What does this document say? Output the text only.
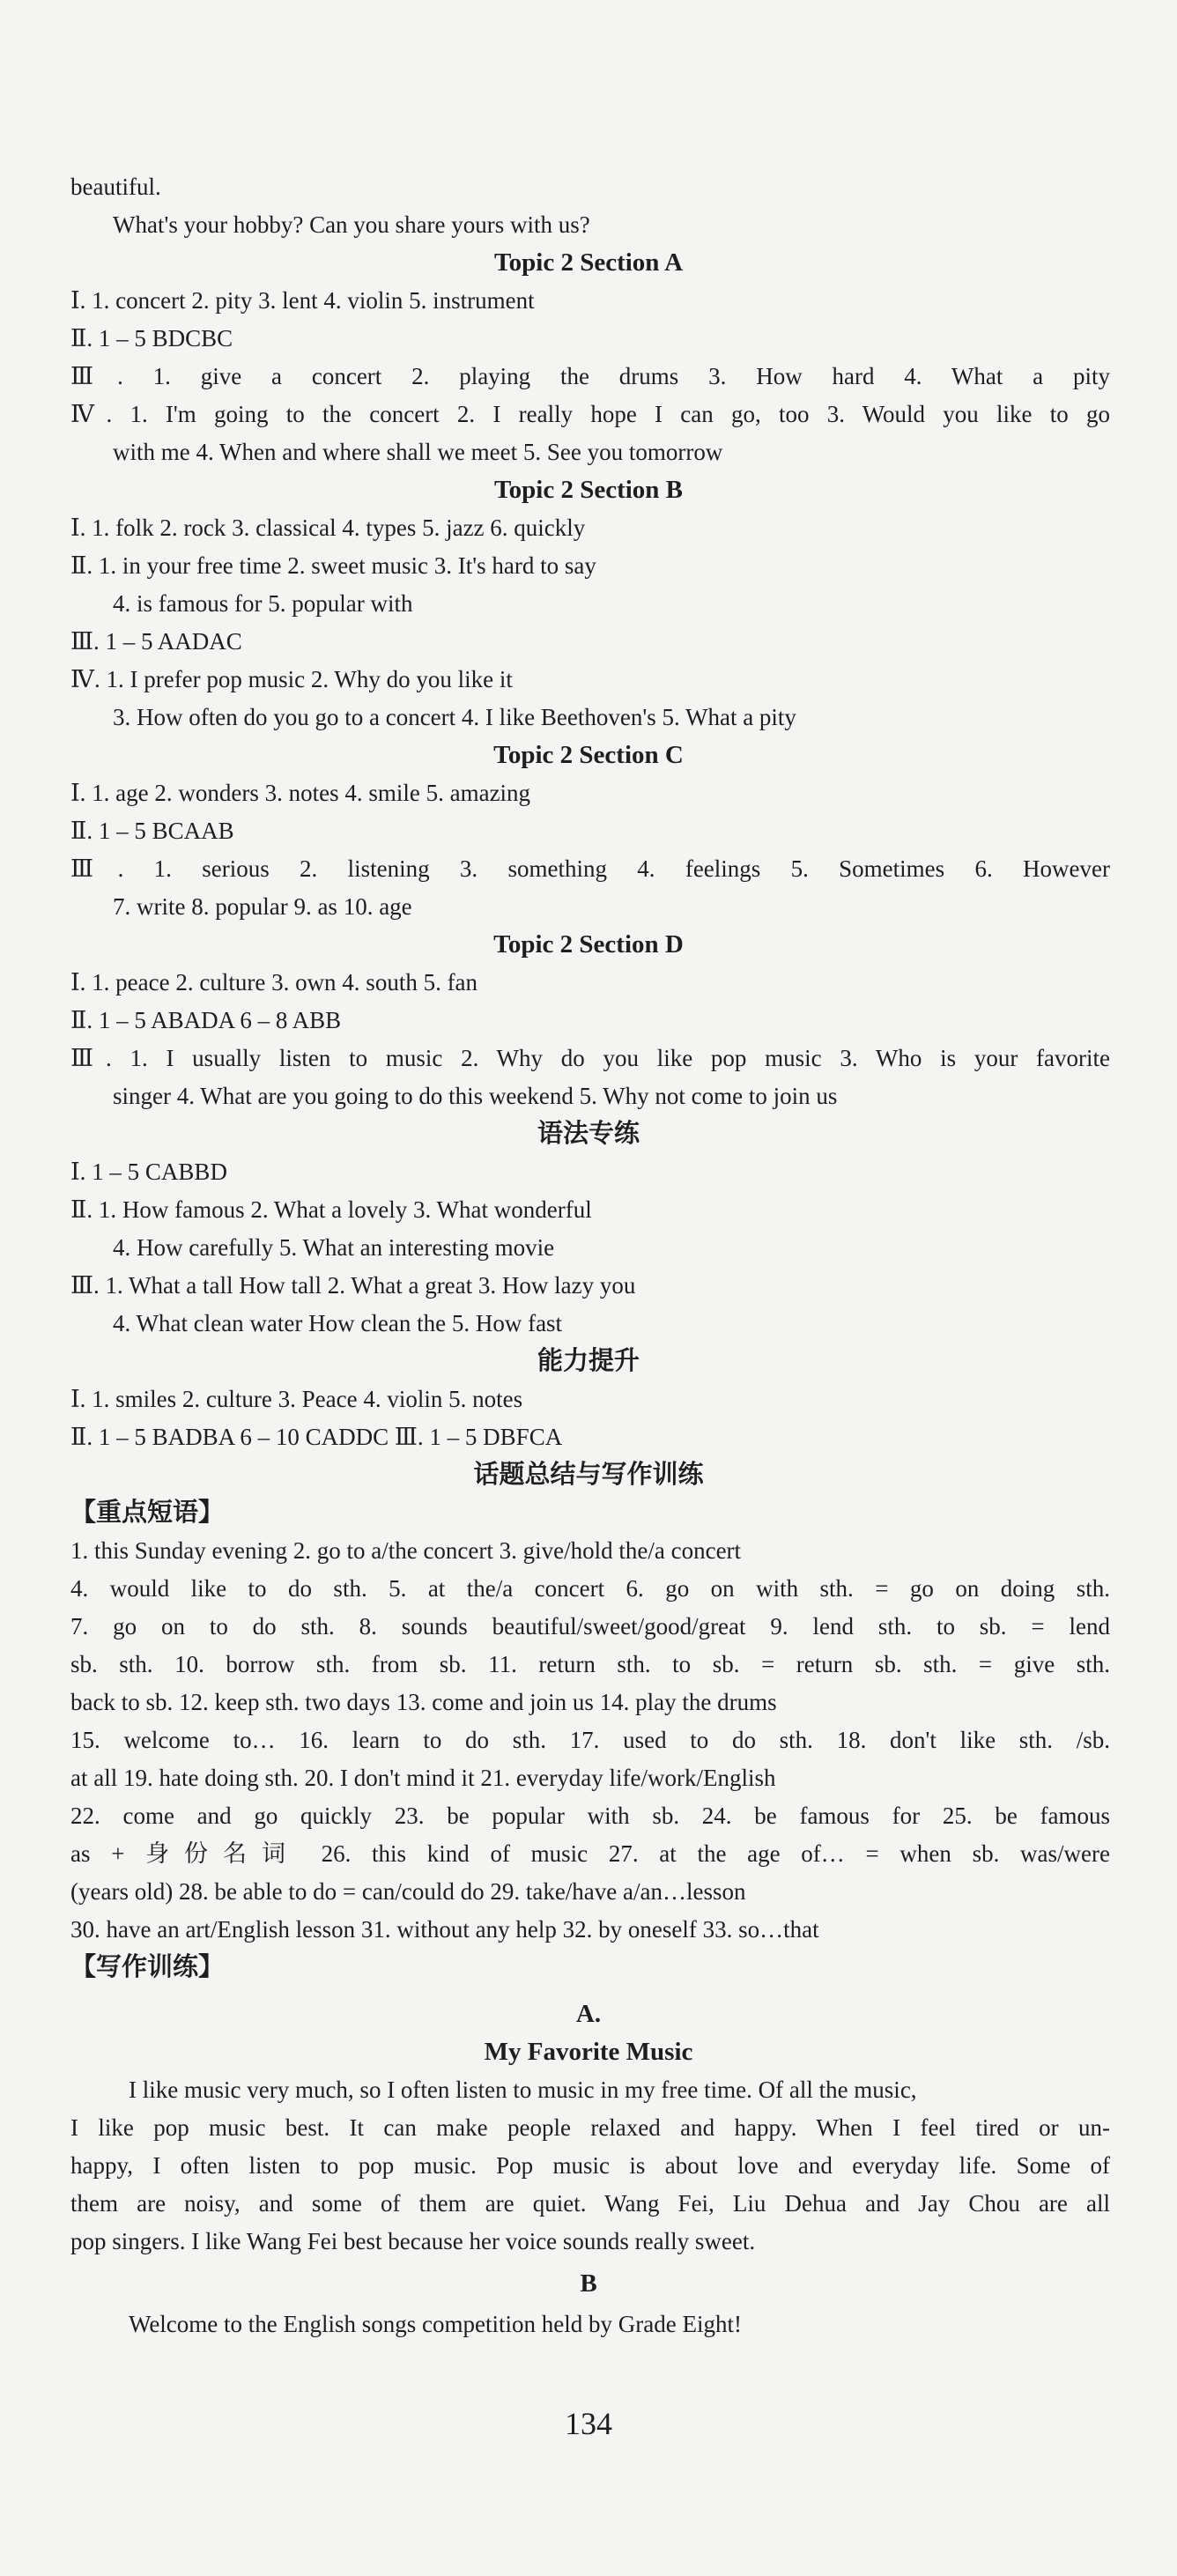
beautiful.
What's your hobby? Can you share yours with us?
Topic 2 Section A
Ⅰ. 1. concert 2. pity 3. lent 4. violin 5. instrument
Ⅱ. 1 – 5 BDCBC
Ⅲ. 1. give a concert 2. playing the drums 3. How hard 4. What a pity
Ⅳ. 1. I'm going to the concert 2. I really hope I can go, too 3. Would you like to go
with me 4. When and where shall we meet 5. See you tomorrow
Topic 2 Section B
Ⅰ. 1. folk 2. rock 3. classical 4. types 5. jazz 6. quickly
Ⅱ. 1. in your free time 2. sweet music 3. It's hard to say
4. is famous for 5. popular with
Ⅲ. 1 – 5 AADAC
Ⅳ. 1. I prefer pop music 2. Why do you like it
3. How often do you go to a concert 4. I like Beethoven's 5. What a pity
Topic 2 Section C
Ⅰ. 1. age 2. wonders 3. notes 4. smile 5. amazing
Ⅱ. 1 – 5 BCAAB
Ⅲ. 1. serious 2. listening 3. something 4. feelings 5. Sometimes 6. However
7. write 8. popular 9. as 10. age
Topic 2 Section D
Ⅰ. 1. peace 2. culture 3. own 4. south 5. fan
Ⅱ. 1 – 5 ABADA 6 – 8 ABB
Ⅲ. 1. I usually listen to music 2. Why do you like pop music 3. Who is your favorite
singer 4. What are you going to do this weekend 5. Why not come to join us
语法专练
Ⅰ. 1 – 5 CABBD
Ⅱ. 1. How famous 2. What a lovely 3. What wonderful
4. How carefully 5. What an interesting movie
Ⅲ. 1. What a tall How tall 2. What a great 3. How lazy you
4. What clean water How clean the 5. How fast
能力提升
Ⅰ. 1. smiles 2. culture 3. Peace 4. violin 5. notes
Ⅱ. 1 – 5 BADBA 6 – 10 CADDC Ⅲ. 1 – 5 DBFCA
话题总结与写作训练
【重点短语】
1. this Sunday evening 2. go to a/the concert 3. give/hold the/a concert
4. would like to do sth. 5. at the/a concert 6. go on with sth. = go on doing sth.
7. go on to do sth. 8. sounds beautiful/sweet/good/great 9. lend sth. to sb. = lend
sb. sth. 10. borrow sth. from sb. 11. return sth. to sb. = return sb. sth. = give sth.
back to sb. 12. keep sth. two days 13. come and join us 14. play the drums
15. welcome to… 16. learn to do sth. 17. used to do sth. 18. don't like sth. /sb.
at all 19. hate doing sth. 20. I don't mind it 21. everyday life/work/English
22. come and go quickly 23. be popular with sb. 24. be famous for 25. be famous
as + 身份名词 26. this kind of music 27. at the age of… = when sb. was/were
(years old) 28. be able to do = can/could do 29. take/have a/an…lesson
30. have an art/English lesson 31. without any help 32. by oneself 33. so…that
【写作训练】
A.
My Favorite Music
I like music very much, so I often listen to music in my free time. Of all the music,
I like pop music best. It can make people relaxed and happy. When I feel tired or un-
happy, I often listen to pop music. Pop music is about love and everyday life. Some of
them are noisy, and some of them are quiet. Wang Fei, Liu Dehua and Jay Chou are all
pop singers. I like Wang Fei best because her voice sounds really sweet.
B
Welcome to the English songs competition held by Grade Eight!
134
